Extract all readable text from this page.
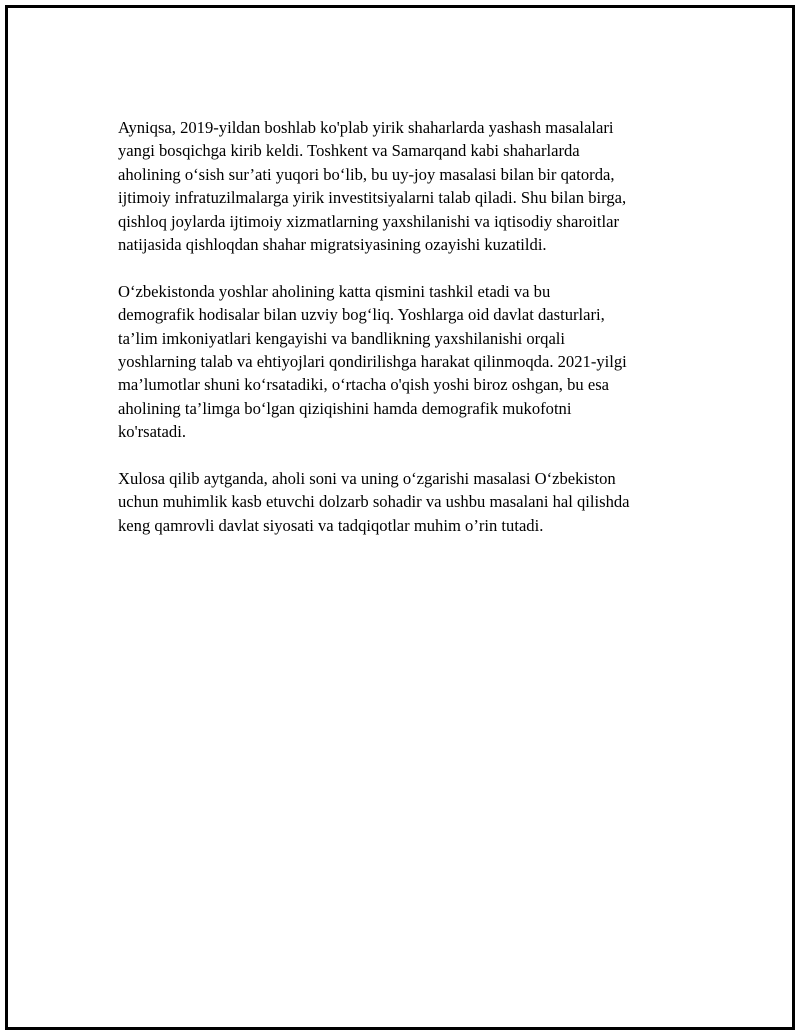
Ayniqsa, 2019-yildan boshlab ko'plab yirik shaharlarda yashash masalalari
yangi bosqichga kirib keldi. Toshkent va Samarqand kabi shaharlarda
aholining o‘sish sur’ati yuqori bo‘lib, bu uy-joy masalasi bilan bir qatorda,
ijtimoiy infratuzilmalarga yirik investitsiyalarni talab qiladi. Shu bilan birga,
qishloq joylarda ijtimoiy xizmatlarning yaxshilanishi va iqtisodiy sharoitlar
natijasida qishloqdan shahar migratsiyasining ozayishi kuzatildi.

O‘zbekistonda yoshlar aholining katta qismini tashkil etadi va bu
demografik hodisalar bilan uzviy bog‘liq. Yoshlarga oid davlat dasturlari,
ta’lim imkoniyatlari kengayishi va bandlikning yaxshilanishi orqali
yoshlarning talab va ehtiyojlari qondirilishga harakat qilinmoqda. 2021-yilgi
ma’lumotlar shuni ko‘rsatadiki, o‘rtacha o'qish yoshi biroz oshgan, bu esa
aholining ta’limga bo‘lgan qiziqishini hamda demografik mukofotni
ko'rsatadi.

Xulosa qilib aytganda, aholi soni va uning o‘zgarishi masalasi O‘zbekiston
uchun muhimlik kasb etuvchi dolzarb sohadir va ushbu masalani hal qilishda
keng qamrovli davlat siyosati va tadqiqotlar muhim o’rin tutadi.
